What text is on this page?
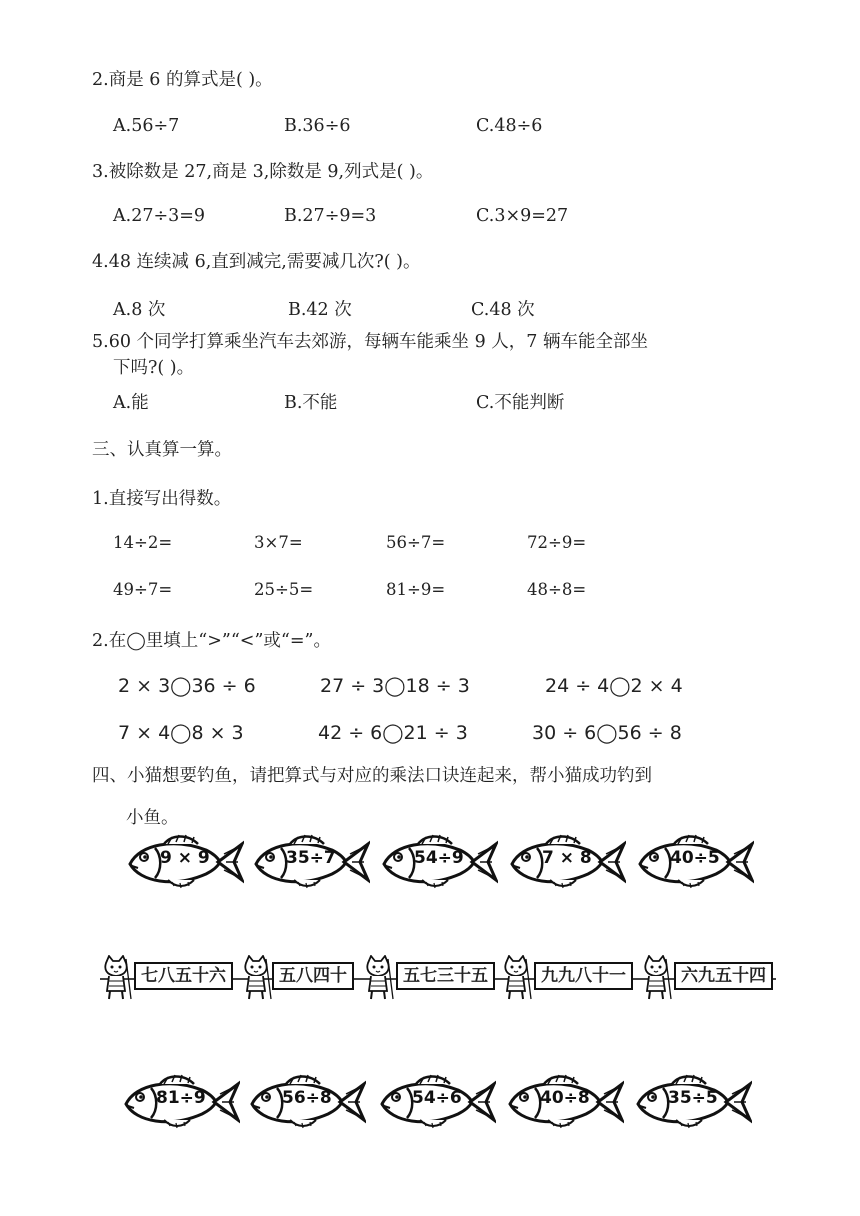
2.商是 6 的算式是( )。
A.56÷7	B.36÷6	C.48÷6
3.被除数是 27,商是 3,除数是 9,列式是( )。
A.27÷3=9	B.27÷9=3	C.3×9=27
4.48 连续减 6,直到减完,需要减几次?( )。
A.8 次	B.42 次	C.48 次
5.60 个同学打算乘坐汽车去郊游，每辆车能乘坐 9 人，7 辆车能全部坐
下吗?( )。
A.能	B.不能	C.不能判断
三、认真算一算。
1.直接写出得数。
14÷2=	3×7=	56÷7=	72÷9=
49÷7=	25÷5=	81÷9=	48÷8=
2.在◯里填上“>”“<”或“=”。
2 × 3◯36 ÷ 6	27 ÷ 3◯18 ÷ 3	24 ÷ 4◯2 × 4
7 × 4◯8 × 3	42 ÷ 6◯21 ÷ 3	30 ÷ 6◯56 ÷ 8
四、小猫想要钓鱼，请把算式与对应的乘法口诀连起来，帮小猫成功钓到
小鱼。
9 × 9	35÷7	54÷9	7 × 8	40÷5
七八五十六	五八四十	五七三十五	九九八十一	六九五十四
81÷9	56÷8	54÷6	40÷8	35÷5
